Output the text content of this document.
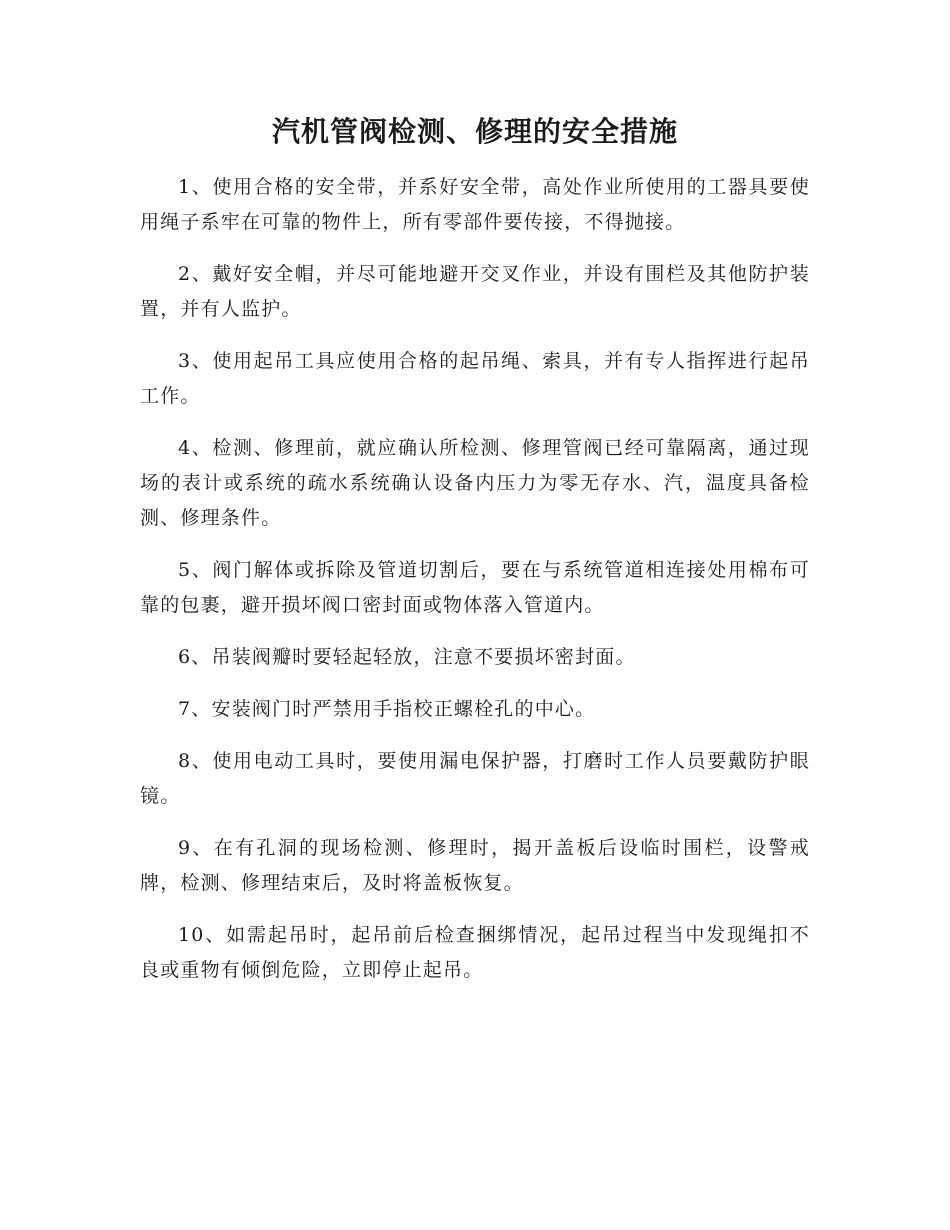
汽机管阀检测、修理的安全措施

1、使用合格的安全带，并系好安全带，高处作业所使用的工器具要使用绳子系牢在可靠的物件上，所有零部件要传接，不得抛接。

2、戴好安全帽，并尽可能地避开交叉作业，并设有围栏及其他防护装置，并有人监护。

3、使用起吊工具应使用合格的起吊绳、索具，并有专人指挥进行起吊工作。

4、检测、修理前，就应确认所检测、修理管阀已经可靠隔离，通过现场的表计或系统的疏水系统确认设备内压力为零无存水、汽，温度具备检测、修理条件。

5、阀门解体或拆除及管道切割后，要在与系统管道相连接处用棉布可靠的包裹，避开损坏阀口密封面或物体落入管道内。

6、吊装阀瓣时要轻起轻放，注意不要损坏密封面。

7、安装阀门时严禁用手指校正螺栓孔的中心。

8、使用电动工具时，要使用漏电保护器，打磨时工作人员要戴防护眼镜。

9、在有孔洞的现场检测、修理时，揭开盖板后设临时围栏，设警戒牌，检测、修理结束后，及时将盖板恢复。

10、如需起吊时，起吊前后检查捆绑情况，起吊过程当中发现绳扣不良或重物有倾倒危险，立即停止起吊。
